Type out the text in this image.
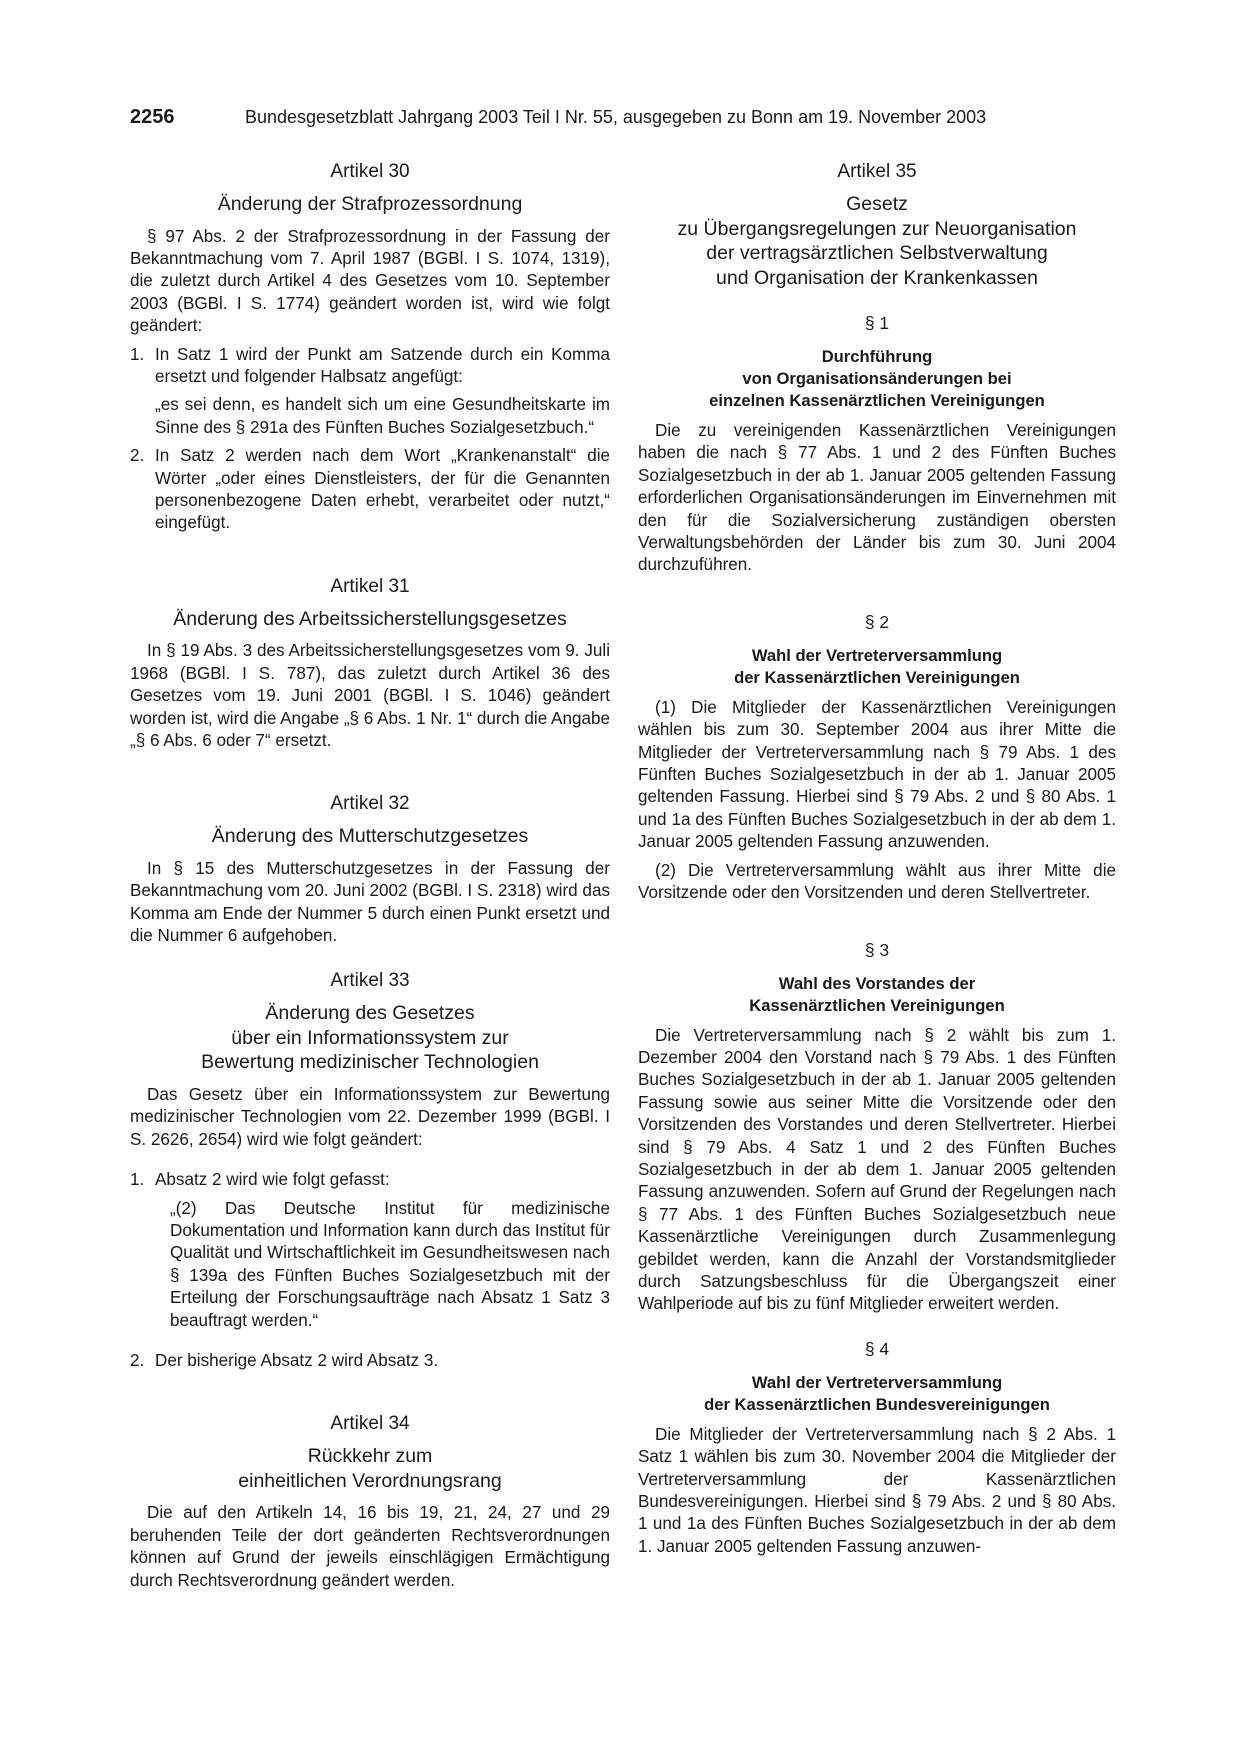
2256	Bundesgesetzblatt Jahrgang 2003 Teil I Nr. 55, ausgegeben zu Bonn am 19. November 2003
Artikel 30
Änderung der Strafprozessordnung

§ 97 Abs. 2 der Strafprozessordnung in der Fassung der Bekanntmachung vom 7. April 1987 (BGBl. I S. 1074, 1319), die zuletzt durch Artikel 4 des Gesetzes vom 10. September 2003 (BGBl. I S. 1774) geändert worden ist, wird wie folgt geändert:

1. In Satz 1 wird der Punkt am Satzende durch ein Komma ersetzt und folgender Halbsatz angefügt:

„es sei denn, es handelt sich um eine Gesundheitskarte im Sinne des § 291a des Fünften Buches Sozialgesetzbuch.“

2. In Satz 2 werden nach dem Wort „Krankenanstalt“ die Wörter „oder eines Dienstleisters, der für die Genannten personenbezogene Daten erhebt, verarbeitet oder nutzt,“ eingefügt.
Artikel 31
Änderung des Arbeitssicherstellungsgesetzes

In § 19 Abs. 3 des Arbeitssicherstellungsgesetzes vom 9. Juli 1968 (BGBl. I S. 787), das zuletzt durch Artikel 36 des Gesetzes vom 19. Juni 2001 (BGBl. I S. 1046) geändert worden ist, wird die Angabe „§ 6 Abs. 1 Nr. 1“ durch die Angabe „§ 6 Abs. 6 oder 7“ ersetzt.

Artikel 32
Änderung des Mutterschutzgesetzes

In § 15 des Mutterschutzgesetzes in der Fassung der Bekanntmachung vom 20. Juni 2002 (BGBl. I S. 2318) wird das Komma am Ende der Nummer 5 durch einen Punkt ersetzt und die Nummer 6 aufgehoben.

Artikel 33
Änderung des Gesetzes
über ein Informationssystem zur
Bewertung medizinischer Technologien

Das Gesetz über ein Informationssystem zur Bewertung medizinischer Technologien vom 22. Dezember 1999 (BGBl. I S. 2626, 2654) wird wie folgt geändert:

1. Absatz 2 wird wie folgt gefasst:

„(2) Das Deutsche Institut für medizinische Dokumentation und Information kann durch das Institut für Qualität und Wirtschaftlichkeit im Gesundheitswesen nach § 139a des Fünften Buches Sozialgesetzbuch mit der Erteilung der Forschungsaufträge nach Absatz 1 Satz 3 beauftragt werden.“

2. Der bisherige Absatz 2 wird Absatz 3.
Artikel 34
Rückkehr zum
einheitlichen Verordnungsrang

Die auf den Artikeln 14, 16 bis 19, 21, 24, 27 und 29 beruhenden Teile der dort geänderten Rechtsverordnungen können auf Grund der jeweils einschlägigen Ermächtigung durch Rechtsverordnung geändert werden.

Artikel 35
Gesetz
zu Übergangsregelungen zur Neuorganisation
der vertragsärztlichen Selbstverwaltung
und Organisation der Krankenkassen
§ 1
Durchführung
von Organisationsänderungen bei
einzelnen Kassenärztlichen Vereinigungen

Die zu vereinigenden Kassenärztlichen Vereinigungen haben die nach § 77 Abs. 1 und 2 des Fünften Buches Sozialgesetzbuch in der ab 1. Januar 2005 geltenden Fassung erforderlichen Organisationsänderungen im Einvernehmen mit den für die Sozialversicherung zuständigen obersten Verwaltungsbehörden der Länder bis zum 30. Juni 2004 durchzuführen.

§ 2
Wahl der Vertreterversammlung
der Kassenärztlichen Vereinigungen

(1) Die Mitglieder der Kassenärztlichen Vereinigungen wählen bis zum 30. September 2004 aus ihrer Mitte die Mitglieder der Vertreterversammlung nach § 79 Abs. 1 des Fünften Buches Sozialgesetzbuch in der ab 1. Januar 2005 geltenden Fassung. Hierbei sind § 79 Abs. 2 und § 80 Abs. 1 und 1a des Fünften Buches Sozialgesetzbuch in der ab dem 1. Januar 2005 geltenden Fassung anzuwenden.

(2) Die Vertreterversammlung wählt aus ihrer Mitte die Vorsitzende oder den Vorsitzenden und deren Stellvertreter.

§ 3
Wahl des Vorstandes der
Kassenärztlichen Vereinigungen

Die Vertreterversammlung nach § 2 wählt bis zum 1. Dezember 2004 den Vorstand nach § 79 Abs. 1 des Fünften Buches Sozialgesetzbuch in der ab 1. Januar 2005 geltenden Fassung sowie aus seiner Mitte die Vorsitzende oder den Vorsitzenden des Vorstandes und deren Stellvertreter. Hierbei sind § 79 Abs. 4 Satz 1 und 2 des Fünften Buches Sozialgesetzbuch in der ab dem 1. Januar 2005 geltenden Fassung anzuwenden. Sofern auf Grund der Regelungen nach § 77 Abs. 1 des Fünften Buches Sozialgesetzbuch neue Kassenärztliche Vereinigungen durch Zusammenlegung gebildet werden, kann die Anzahl der Vorstandsmitglieder durch Satzungsbeschluss für die Übergangszeit einer Wahlperiode auf bis zu fünf Mitglieder erweitert werden.

§ 4
Wahl der Vertreterversammlung
der Kassenärztlichen Bundesvereinigungen

Die Mitglieder der Vertreterversammlung nach § 2 Abs. 1 Satz 1 wählen bis zum 30. November 2004 die Mitglieder der Vertreterversammlung der Kassenärztlichen Bundesvereinigungen. Hierbei sind § 79 Abs. 2 und § 80 Abs. 1 und 1a des Fünften Buches Sozialgesetzbuch in der ab dem 1. Januar 2005 geltenden Fassung anzuwen-
